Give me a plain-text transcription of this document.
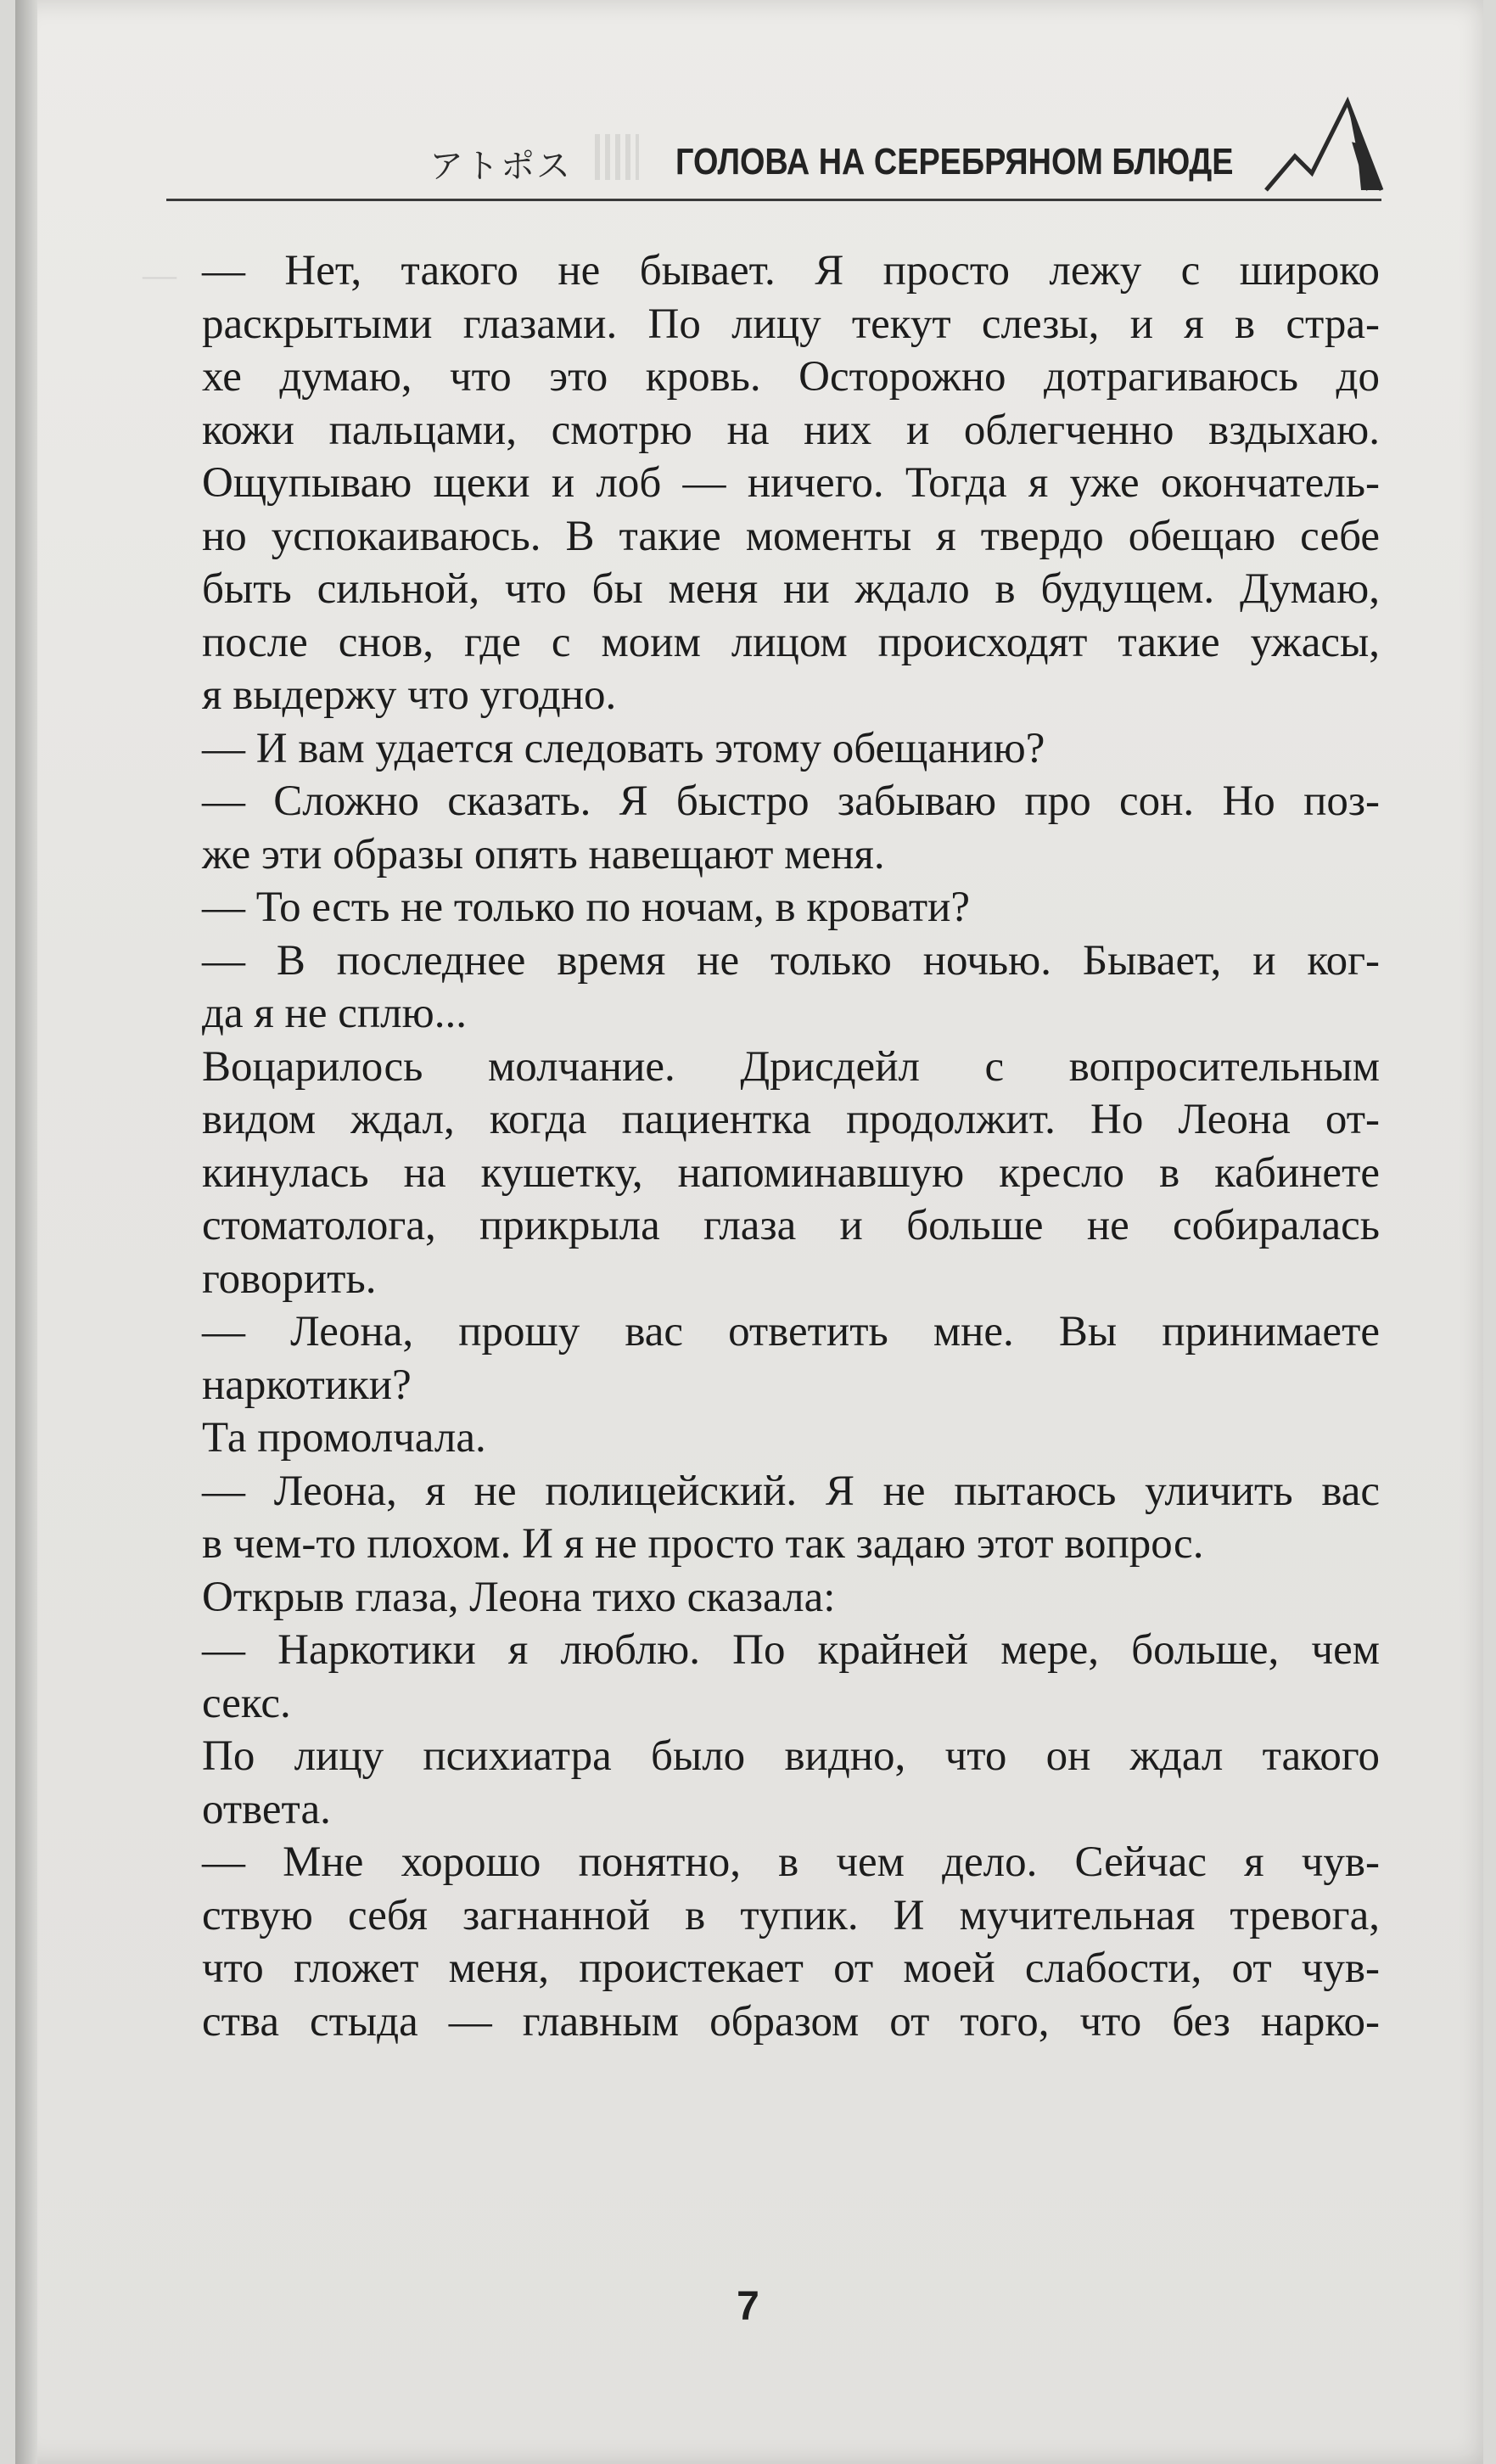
—
アトポス	ГОЛОВА НА СЕРЕБРЯНОМ БЛЮДЕ

— Нет, такого не бывает. Я просто лежу с широко

раскрытыми глазами. По лицу текут слезы, и я в стра-

хе думаю, что это кровь. Осторожно дотрагиваюсь до

кожи пальцами, смотрю на них и облегченно вздыхаю.

Ощупываю щеки и лоб — ничего. Тогда я уже окончатель-

но успокаиваюсь. В такие моменты я твердо обещаю себе

быть сильной, что бы меня ни ждало в будущем. Думаю,

после снов, где с моим лицом происходят такие ужасы,

я выдержу что угодно.

— И вам удается следовать этому обещанию?

— Сложно сказать. Я быстро забываю про сон. Но поз-

же эти образы опять навещают меня.

— То есть не только по ночам, в кровати?

— В последнее время не только ночью. Бывает, и ког-

да я не сплю...

Воцарилось молчание. Дрисдейл с вопросительным

видом ждал, когда пациентка продолжит. Но Леона от-

кинулась на кушетку, напоминавшую кресло в кабинете

стоматолога, прикрыла глаза и больше не собиралась

говорить.

— Леона, прошу вас ответить мне. Вы принимаете

наркотики?

Та промолчала.

— Леона, я не полицейский. Я не пытаюсь уличить вас

в чем-то плохом. И я не просто так задаю этот вопрос.

Открыв глаза, Леона тихо сказала:

— Наркотики я люблю. По крайней мере, больше, чем

секс.

По лицу психиатра было видно, что он ждал такого

ответа.

— Мне хорошо понятно, в чем дело. Сейчас я чув-

ствую себя загнанной в тупик. И мучительная тревога,

что гложет меня, проистекает от моей слабости, от чув-

ства стыда — главным образом от того, что без нарко-

7
